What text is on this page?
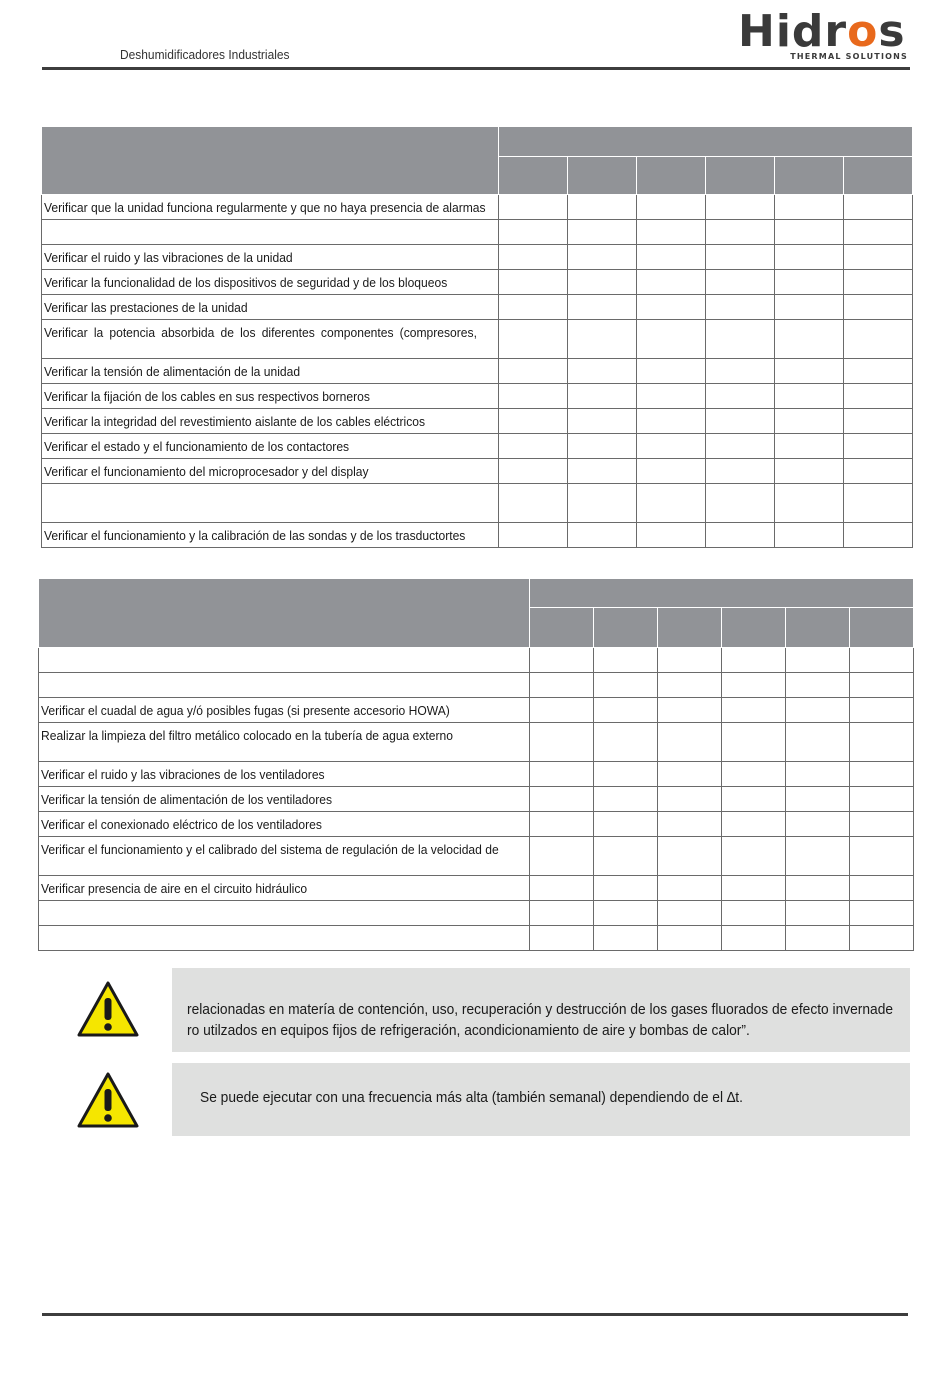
Deshumidificadores Industriales	Hidros
THERMAL SOLUTIONS

Verificar que la unidad funciona regularmente y que no haya presencia de alarmas						

Verificar el ruido y las vibraciones de la unidad						
Verificar la funcionalidad de los dispositivos de seguridad y de los bloqueos						
Verificar las prestaciones de la unidad						
Verificar la potencia absorbida de los diferentes componentes (compresores,						
Verificar la tensión de alimentación de la unidad						
Verificar la fijación de los cables en sus respectivos borneros						
Verificar la integridad del revestimiento aislante de los cables eléctricos						
Verificar el estado y el funcionamiento de los contactores						
Verificar el funcionamiento del microprocesador y del display						

Verificar el funcionamiento y la calibración de las sondas y de los trasductortes						

Verificar el cuadal de agua y/ó posibles fugas (si presente accesorio HOWA)						
Realizar la limpieza del filtro metálico colocado en la tubería de agua externo						
Verificar el ruido y las vibraciones de los ventiladores						
Verificar la tensión de alimentación de los ventiladores						
Verificar el conexionado eléctrico de los ventiladores						
Verificar el funcionamiento y el calibrado del sistema de regulación de la velocidad de						
Verificar presencia de aire en el circuito hidráulico						

relacionadas en matería de contención, uso, recuperación y destrucción de los gases fluorados de efecto invernade
ro utilzados en equipos fijos de refrigeración, acondicionamiento de aire y bombas de calor”.
Se puede ejecutar con una frecuencia más alta (también semanal) dependiendo de el ∆t.
